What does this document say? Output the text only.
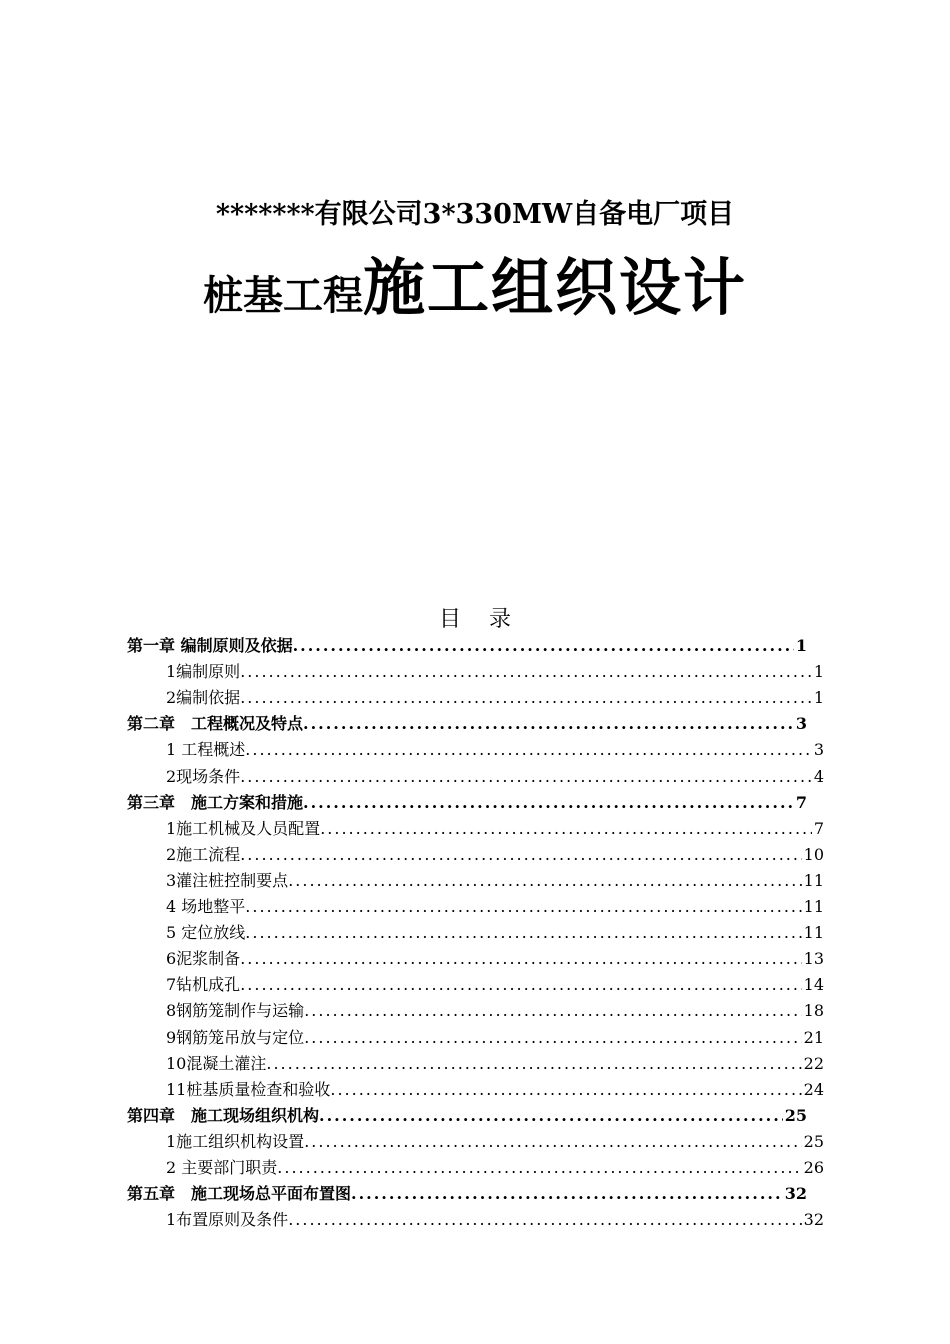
*******有限公司3*330MW自备电厂项目
桩基工程施工组织设计
目    录
第一章 编制原则及依据 .....	1
1编制原则 .....	1
2编制依据 .....	1
第二章　工程概况及特点 .....	3
1 工程概述 .....	3
2现场条件 .....	4
第三章　施工方案和措施 .....	7
1施工机械及人员配置 .....	7
2施工流程 .....	10
3灌注桩控制要点 .....	11
4 场地整平 .....	11
5 定位放线 .....	11
6泥浆制备 .....	13
7钻机成孔 .....	14
8钢筋笼制作与运输 .....	18
9钢筋笼吊放与定位 .....	21
10混凝土灌注 .....	22
11桩基质量检查和验收 .....	24
第四章　施工现场组织机构 .....	25
1施工组织机构设置 .....	25
2 主要部门职责 .....	26
第五章　施工现场总平面布置图 .....	32
1布置原则及条件 .....	32
